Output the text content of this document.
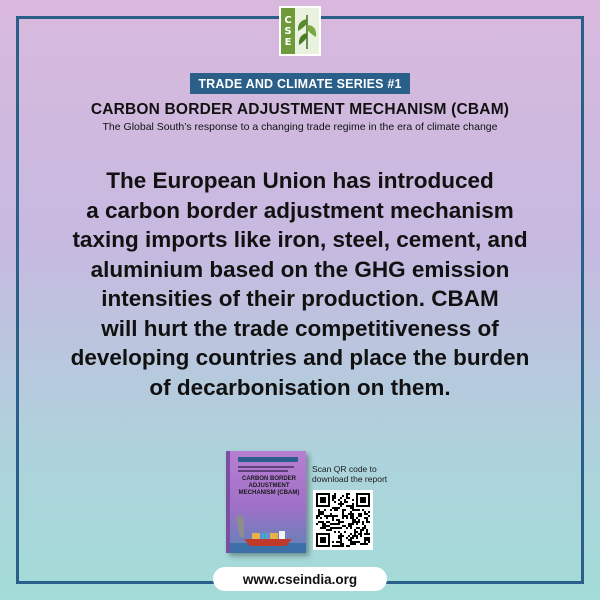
C
S
E
TRADE AND CLIMATE SERIES #1
CARBON BORDER ADJUSTMENT MECHANISM (CBAM)
The Global South’s response to a changing trade regime in the era of climate change
The European Union has introduced
a carbon border adjustment mechanism
taxing imports like iron, steel, cement, and
aluminium based on the GHG emission
intensities of their production. CBAM
will hurt the trade competitiveness of
developing countries and place the burden
of decarbonisation on them.
CARBON BORDER
ADJUSTMENT
MECHANISM (CBAM)
Scan QR code to
download the report
www.cseindia.org
